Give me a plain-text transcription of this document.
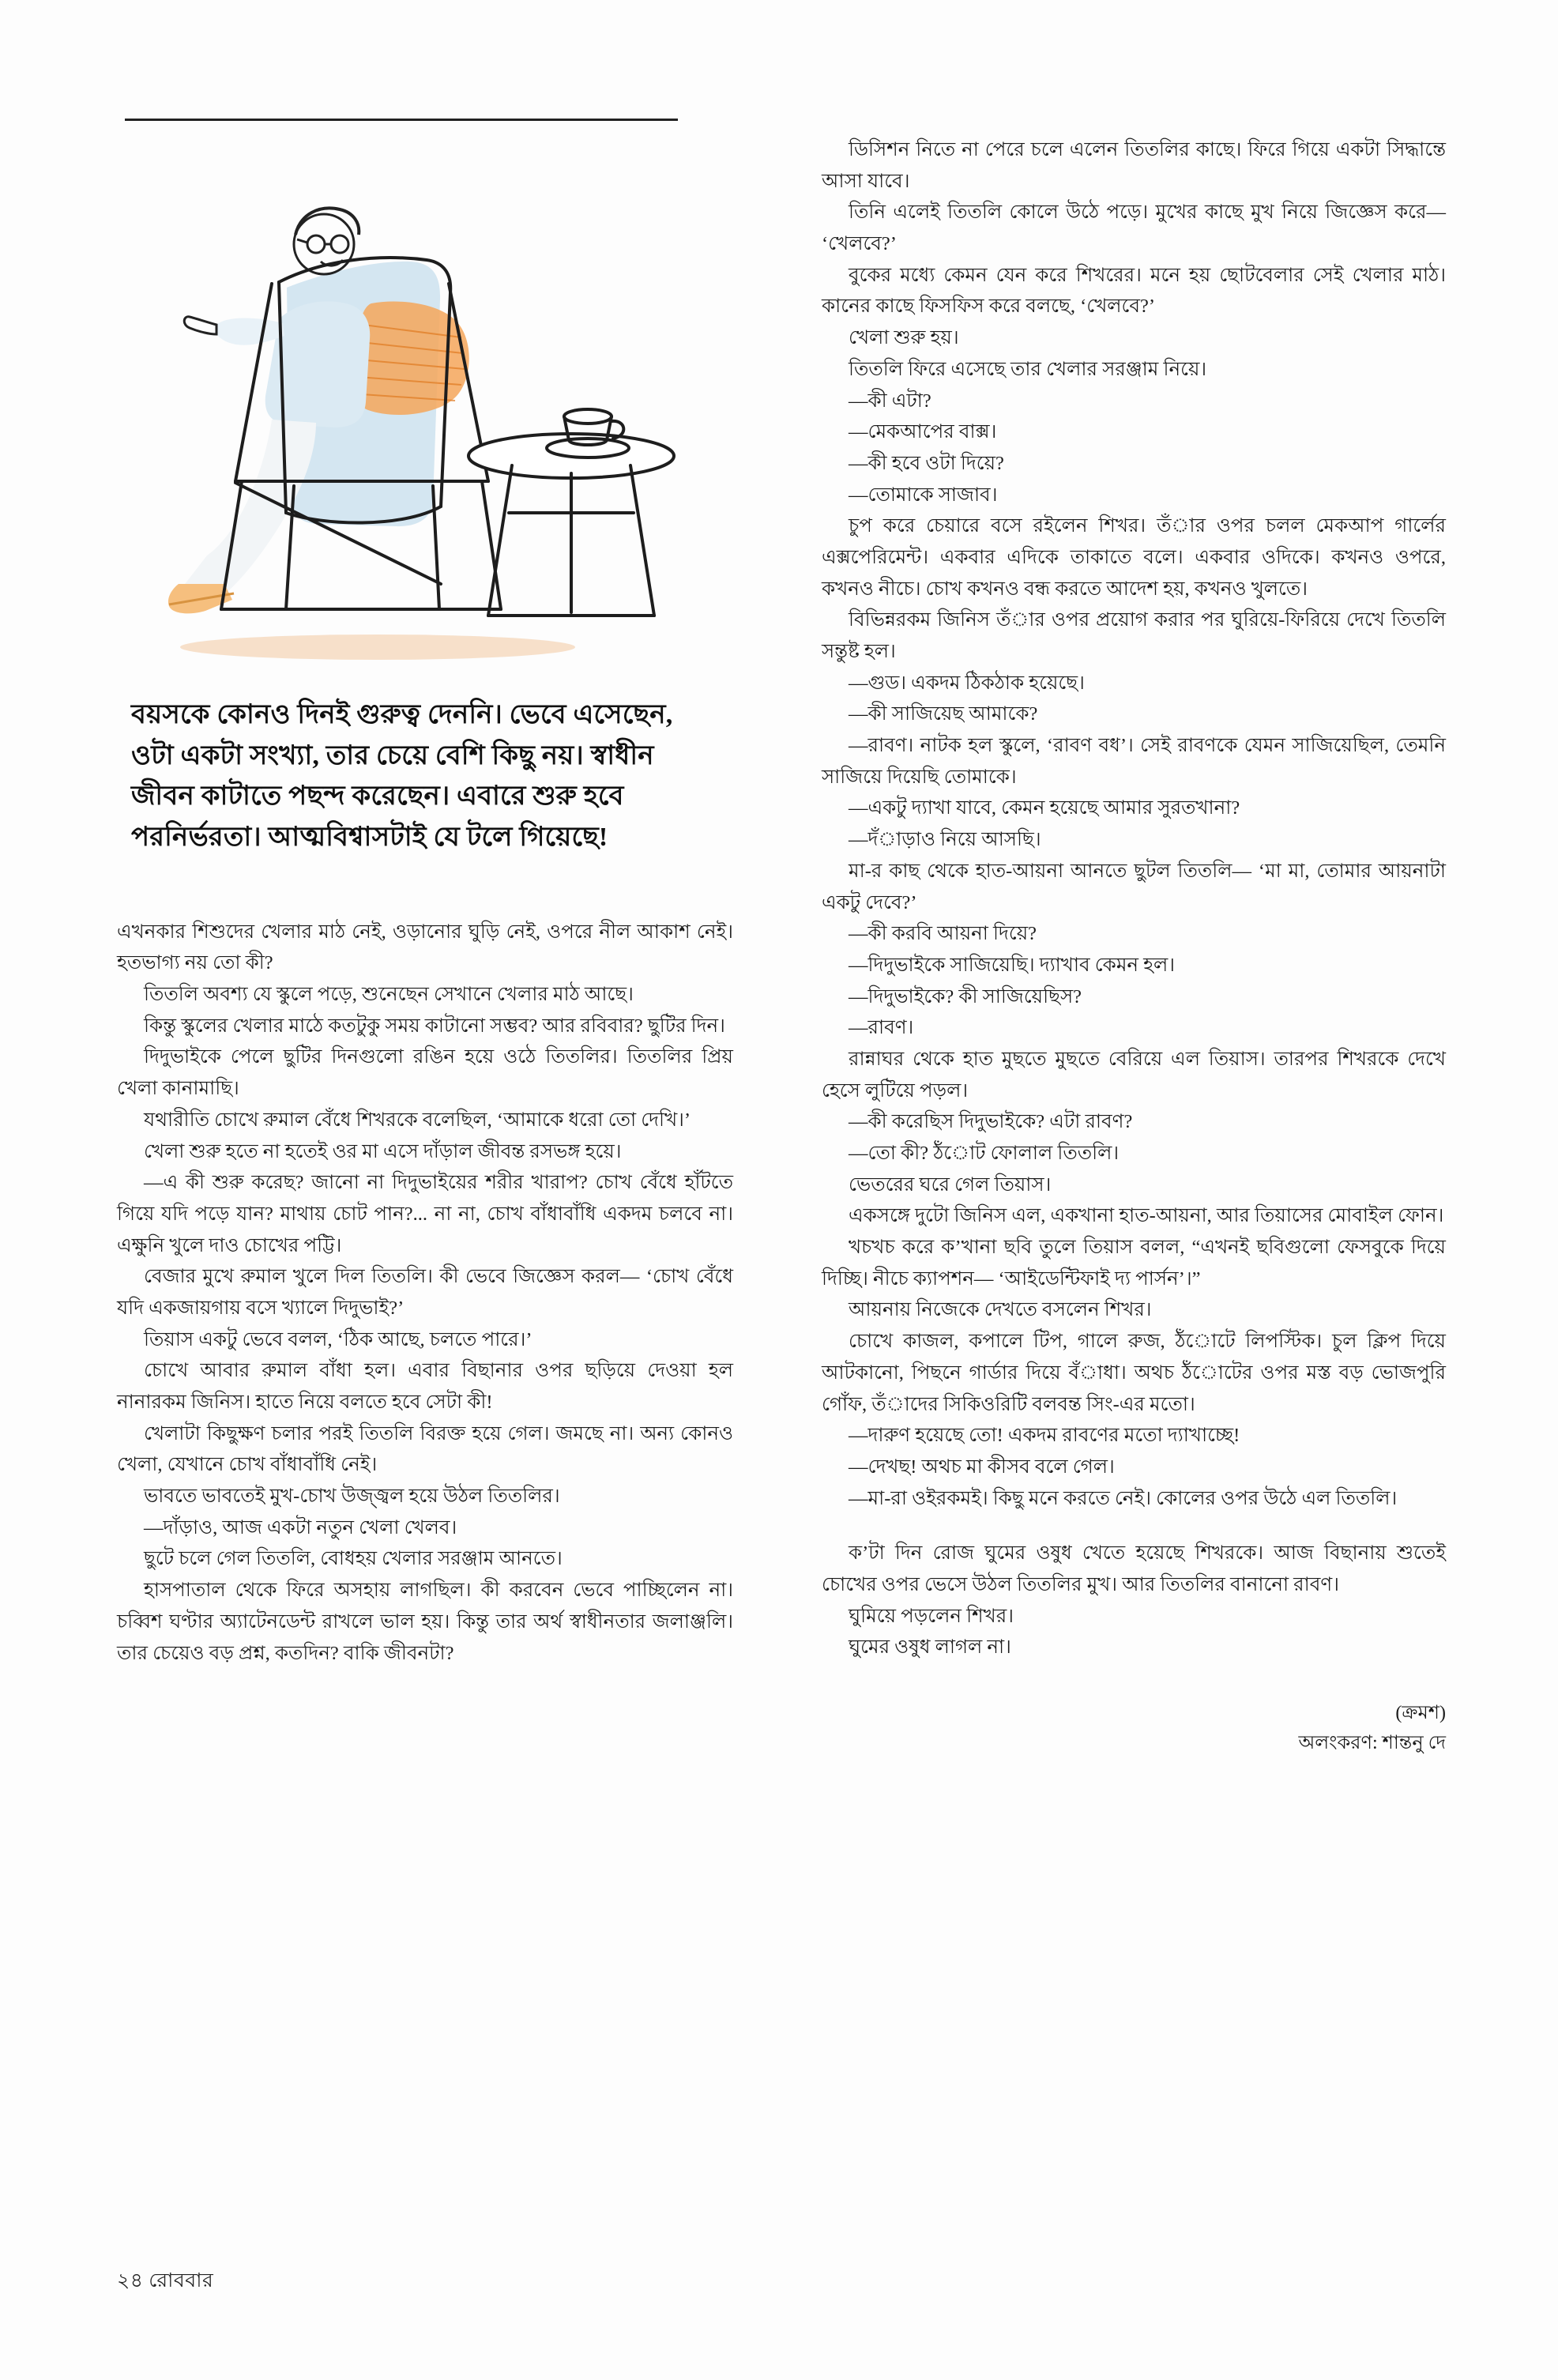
বয়সকে কোনও দিনই গুরুত্ব দেননি। ভেবে এসেছেন, ওটা একটা সংখ্যা, তার চেয়ে বেশি কিছু নয়। স্বাধীন জীবন কাটাতে পছন্দ করেছেন। এবারে শুরু হবে পরনির্ভরতা। আত্মবিশ্বাসটাই যে টলে গিয়েছে!

এখনকার শিশুদের খেলার মাঠ নেই, ওড়ানোর ঘুড়ি নেই, ওপরে নীল আকাশ নেই। হতভাগ্য নয় তো কী?

তিতলি অবশ্য যে স্কুলে পড়ে, শুনেছেন সেখানে খেলার মাঠ আছে।

কিন্তু স্কুলের খেলার মাঠে কতটুকু সময় কাটানো সম্ভব? আর রবিবার? ছুটির দিন।

দিদুভাইকে পেলে ছুটির দিনগুলো রঙিন হয়ে ওঠে তিতলির। তিতলির প্রিয় খেলা কানামাছি।

যথারীতি চোখে রুমাল বেঁধে শিখরকে বলেছিল, ‘আমাকে ধরো তো দেখি।’

খেলা শুরু হতে না হতেই ওর মা এসে দাঁড়াল জীবন্ত রসভঙ্গ হয়ে।

—এ কী শুরু করেছ? জানো না দিদুভাইয়ের শরীর খারাপ? চোখ বেঁধে হাঁটতে গিয়ে যদি পড়ে যান? মাথায় চোট পান?... না না, চোখ বাঁধাবাঁধি একদম চলবে না। এক্ষুনি খুলে দাও চোখের পট্টি।

বেজার মুখে রুমাল খুলে দিল তিতলি। কী ভেবে জিজ্ঞেস করল— ‘চোখ বেঁধে যদি একজায়গায় বসে খ্যালে দিদুভাই?’

তিয়াস একটু ভেবে বলল, ‘ঠিক আছে, চলতে পারে।’

চোখে আবার রুমাল বাঁধা হল। এবার বিছানার ওপর ছড়িয়ে দেওয়া হল নানারকম জিনিস। হাতে নিয়ে বলতে হবে সেটা কী!

খেলাটা কিছুক্ষণ চলার পরই তিতলি বিরক্ত হয়ে গেল। জমছে না। অন্য কোনও খেলা, যেখানে চোখ বাঁধাবাঁধি নেই।

ভাবতে ভাবতেই মুখ-চোখ উজ্জ্বল হয়ে উঠল তিতলির।

—দাঁড়াও, আজ একটা নতুন খেলা খেলব।

ছুটে চলে গেল তিতলি, বোধহয় খেলার সরঞ্জাম আনতে।

হাসপাতাল থেকে ফিরে অসহায় লাগছিল। কী করবেন ভেবে পাচ্ছিলেন না। চব্বিশ ঘণ্টার অ্যাটেনডেন্ট রাখলে ভাল হয়। কিন্তু তার অর্থ স্বাধীনতার জলাঞ্জলি। তার চেয়েও বড় প্রশ্ন, কতদিন? বাকি জীবনটা?

ডিসিশন নিতে না পেরে চলে এলেন তিতলির কাছে। ফিরে গিয়ে একটা সিদ্ধান্তে আসা যাবে।

তিনি এলেই তিতলি কোলে উঠে পড়ে। মুখের কাছে মুখ নিয়ে জিজ্ঞেস করে— ‘খেলবে?’

বুকের মধ্যে কেমন যেন করে শিখরের। মনে হয় ছোটবেলার সেই খেলার মাঠ। কানের কাছে ফিসফিস করে বলছে, ‘খেলবে?’

খেলা শুরু হয়।

তিতলি ফিরে এসেছে তার খেলার সরঞ্জাম নিয়ে।

—কী এটা?

—মেকআপের বাক্স।

—কী হবে ওটা দিয়ে?

—তোমাকে সাজাব।

চুপ করে চেয়ারে বসে রইলেন শিখর। তঁার ওপর চলল মেকআপ গার্লের এক্সপেরিমেন্ট। একবার এদিকে তাকাতে বলে। একবার ওদিকে। কখনও ওপরে, কখনও নীচে। চোখ কখনও বন্ধ করতে আদেশ হয়, কখনও খুলতে।

বিভিন্নরকম জিনিস তঁার ওপর প্রয়োগ করার পর ঘুরিয়ে-ফিরিয়ে দেখে তিতলি সন্তুষ্ট হল।

—গুড। একদম ঠিকঠাক হয়েছে।

—কী সাজিয়েছ আমাকে?

—রাবণ। নাটক হল স্কুলে, ‘রাবণ বধ’। সেই রাবণকে যেমন সাজিয়েছিল, তেমনি সাজিয়ে দিয়েছি তোমাকে।

—একটু দ্যাখা যাবে, কেমন হয়েছে আমার সুরতখানা?

—দঁাড়াও নিয়ে আসছি।

মা-র কাছ থেকে হাত-আয়না আনতে ছুটল তিতলি— ‘মা মা, তোমার আয়নাটা একটু দেবে?’

—কী করবি আয়না দিয়ে?

—দিদুভাইকে সাজিয়েছি। দ্যাখাব কেমন হল।

—দিদুভাইকে? কী সাজিয়েছিস?

—রাবণ।

রান্নাঘর থেকে হাত মুছতে মুছতে বেরিয়ে এল তিয়াস। তারপর শিখরকে দেখে হেসে লুটিয়ে পড়ল।

—কী করেছিস দিদুভাইকে? এটা রাবণ?

—তো কী? ঠঁোট ফোলাল তিতলি।

ভেতরের ঘরে গেল তিয়াস।

একসঙ্গে দুটো জিনিস এল, একখানা হাত-আয়না, আর তিয়াসের মোবাইল ফোন।

খচখচ করে ক’খানা ছবি তুলে তিয়াস বলল, “এখনই ছবিগুলো ফেসবুকে দিয়ে দিচ্ছি। নীচে ক্যাপশন— ‘আইডেন্টিফাই দ্য পার্সন’।”

আয়নায় নিজেকে দেখতে বসলেন শিখর।

চোখে কাজল, কপালে টিপ, গালে রুজ, ঠঁোটে লিপস্টিক। চুল ক্লিপ দিয়ে আটকানো, পিছনে গার্ডার দিয়ে বঁাধা। অথচ ঠঁোটের ওপর মস্ত বড় ভোজপুরি গোঁফ, তঁাদের সিকিওরিটি বলবন্ত সিং-এর মতো।

—দারুণ হয়েছে তো! একদম রাবণের মতো দ্যাখাচ্ছে!

—দেখছ! অথচ মা কীসব বলে গেল।

—মা-রা ওইরকমই। কিছু মনে করতে নেই। কোলের ওপর উঠে এল তিতলি।

ক’টা দিন রোজ ঘুমের ওষুধ খেতে হয়েছে শিখরকে। আজ বিছানায় শুতেই চোখের ওপর ভেসে উঠল তিতলির মুখ। আর তিতলির বানানো রাবণ।

ঘুমিয়ে পড়লেন শিখর।

ঘুমের ওষুধ লাগল না।

(ক্রমশ)
অলংকরণ: শান্তনু দে
২৪ রোববার
